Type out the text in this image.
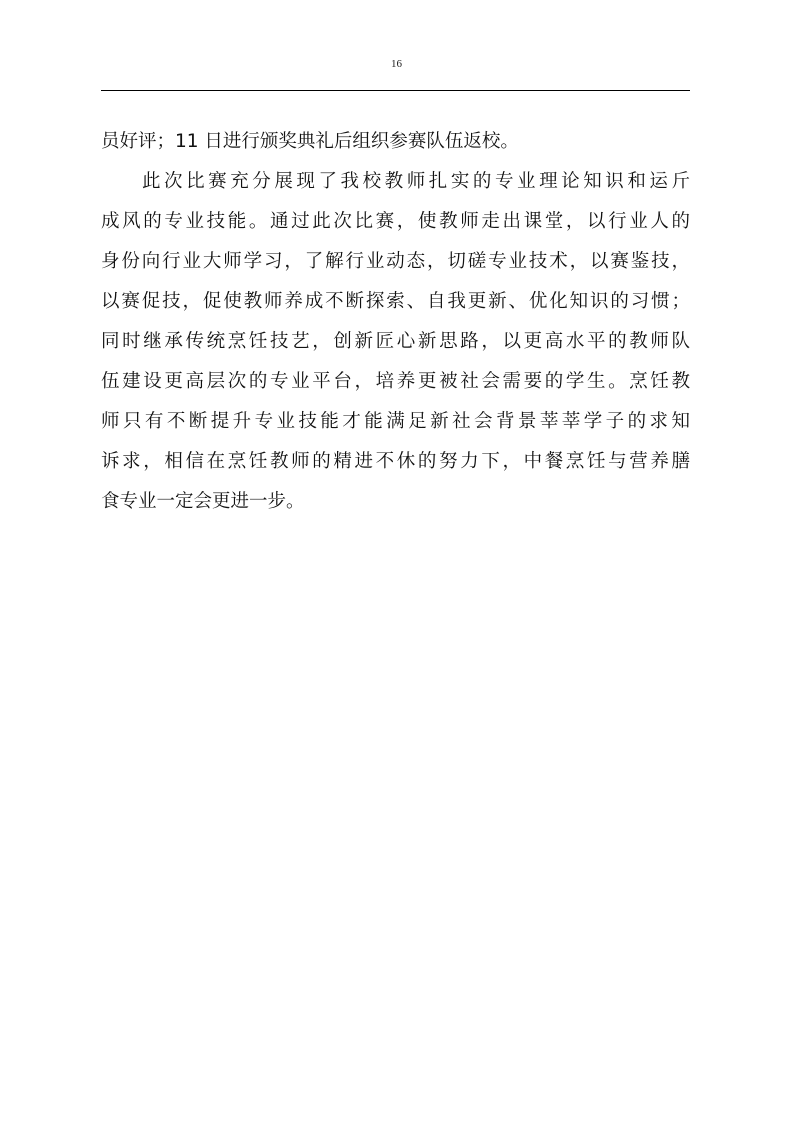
16
员好评；11 日进行颁奖典礼后组织参赛队伍返校。
此次比赛充分展现了我校教师扎实的专业理论知识和运斤
成风的专业技能。通过此次比赛，使教师走出课堂，以行业人的
身份向行业大师学习，了解行业动态，切磋专业技术，以赛鉴技，
以赛促技，促使教师养成不断探索、自我更新、优化知识的习惯；
同时继承传统烹饪技艺，创新匠心新思路，以更高水平的教师队
伍建设更高层次的专业平台，培养更被社会需要的学生。烹饪教
师只有不断提升专业技能才能满足新社会背景莘莘学子的求知
诉求，相信在烹饪教师的精进不休的努力下，中餐烹饪与营养膳
食专业一定会更进一步。
